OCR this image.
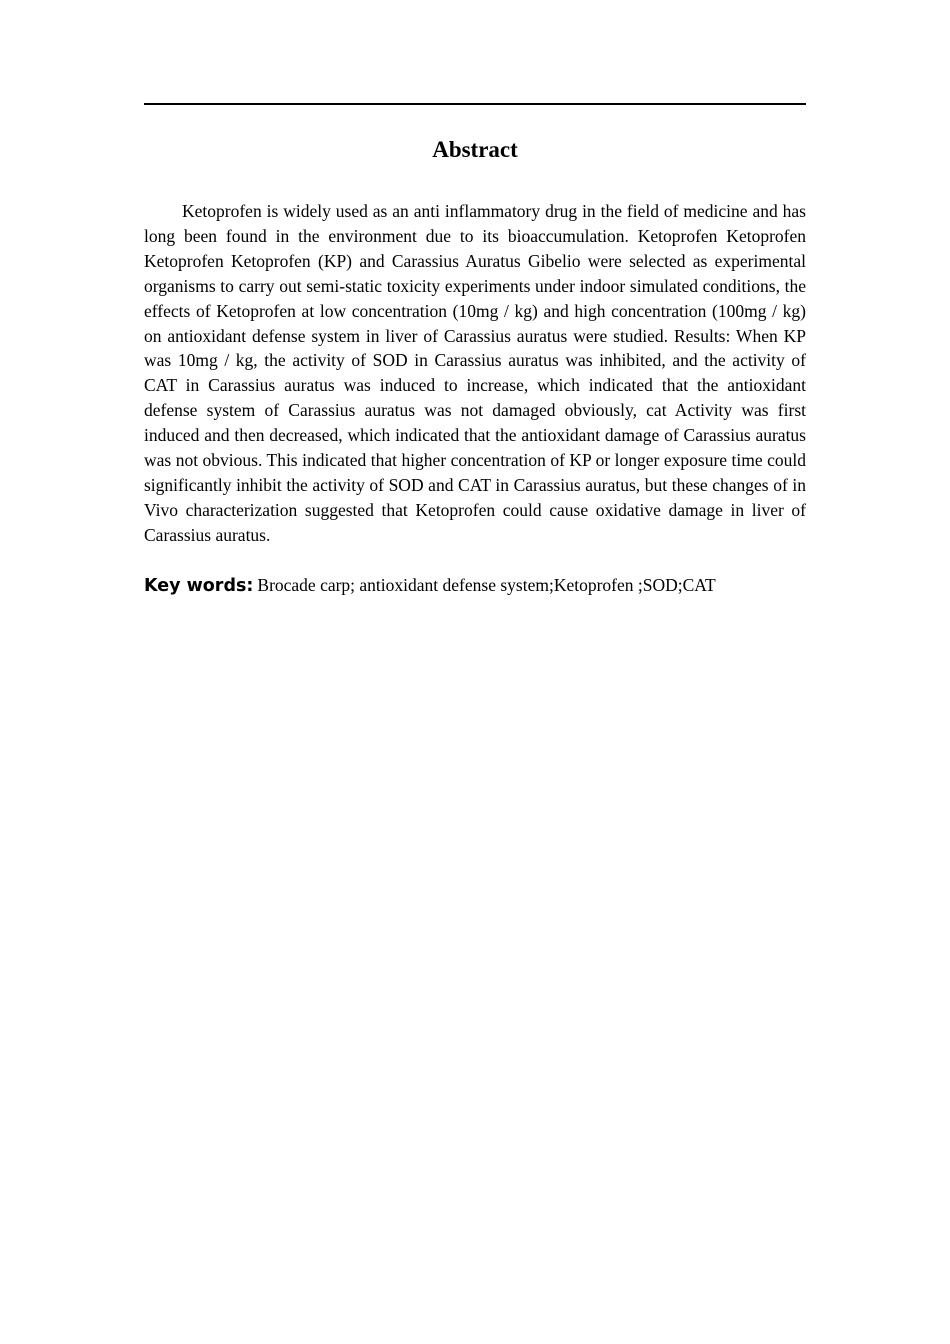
Abstract

Ketoprofen is widely used as an anti inflammatory drug in the field of medicine and has long been found in the environment due to its bioaccumulation. Ketoprofen Ketoprofen Ketoprofen Ketoprofen (KP) and Carassius Auratus Gibelio were selected as experimental organisms to carry out semi-static toxicity experiments under indoor simulated conditions, the effects of Ketoprofen at low concentration (10mg / kg) and high concentration (100mg / kg) on antioxidant defense system in liver of Carassius auratus were studied. Results: When KP was 10mg / kg, the activity of SOD in Carassius auratus was inhibited, and the activity of CAT in Carassius auratus was induced to increase, which indicated that the antioxidant defense system of Carassius auratus was not damaged obviously, cat Activity was first induced and then decreased, which indicated that the antioxidant damage of Carassius auratus was not obvious. This indicated that higher concentration of KP or longer exposure time could significantly inhibit the activity of SOD and CAT in Carassius auratus, but these changes of in Vivo characterization suggested that Ketoprofen could cause oxidative damage in liver of Carassius auratus.

Key words: Brocade carp; antioxidant defense system;Ketoprofen ;SOD;CAT
